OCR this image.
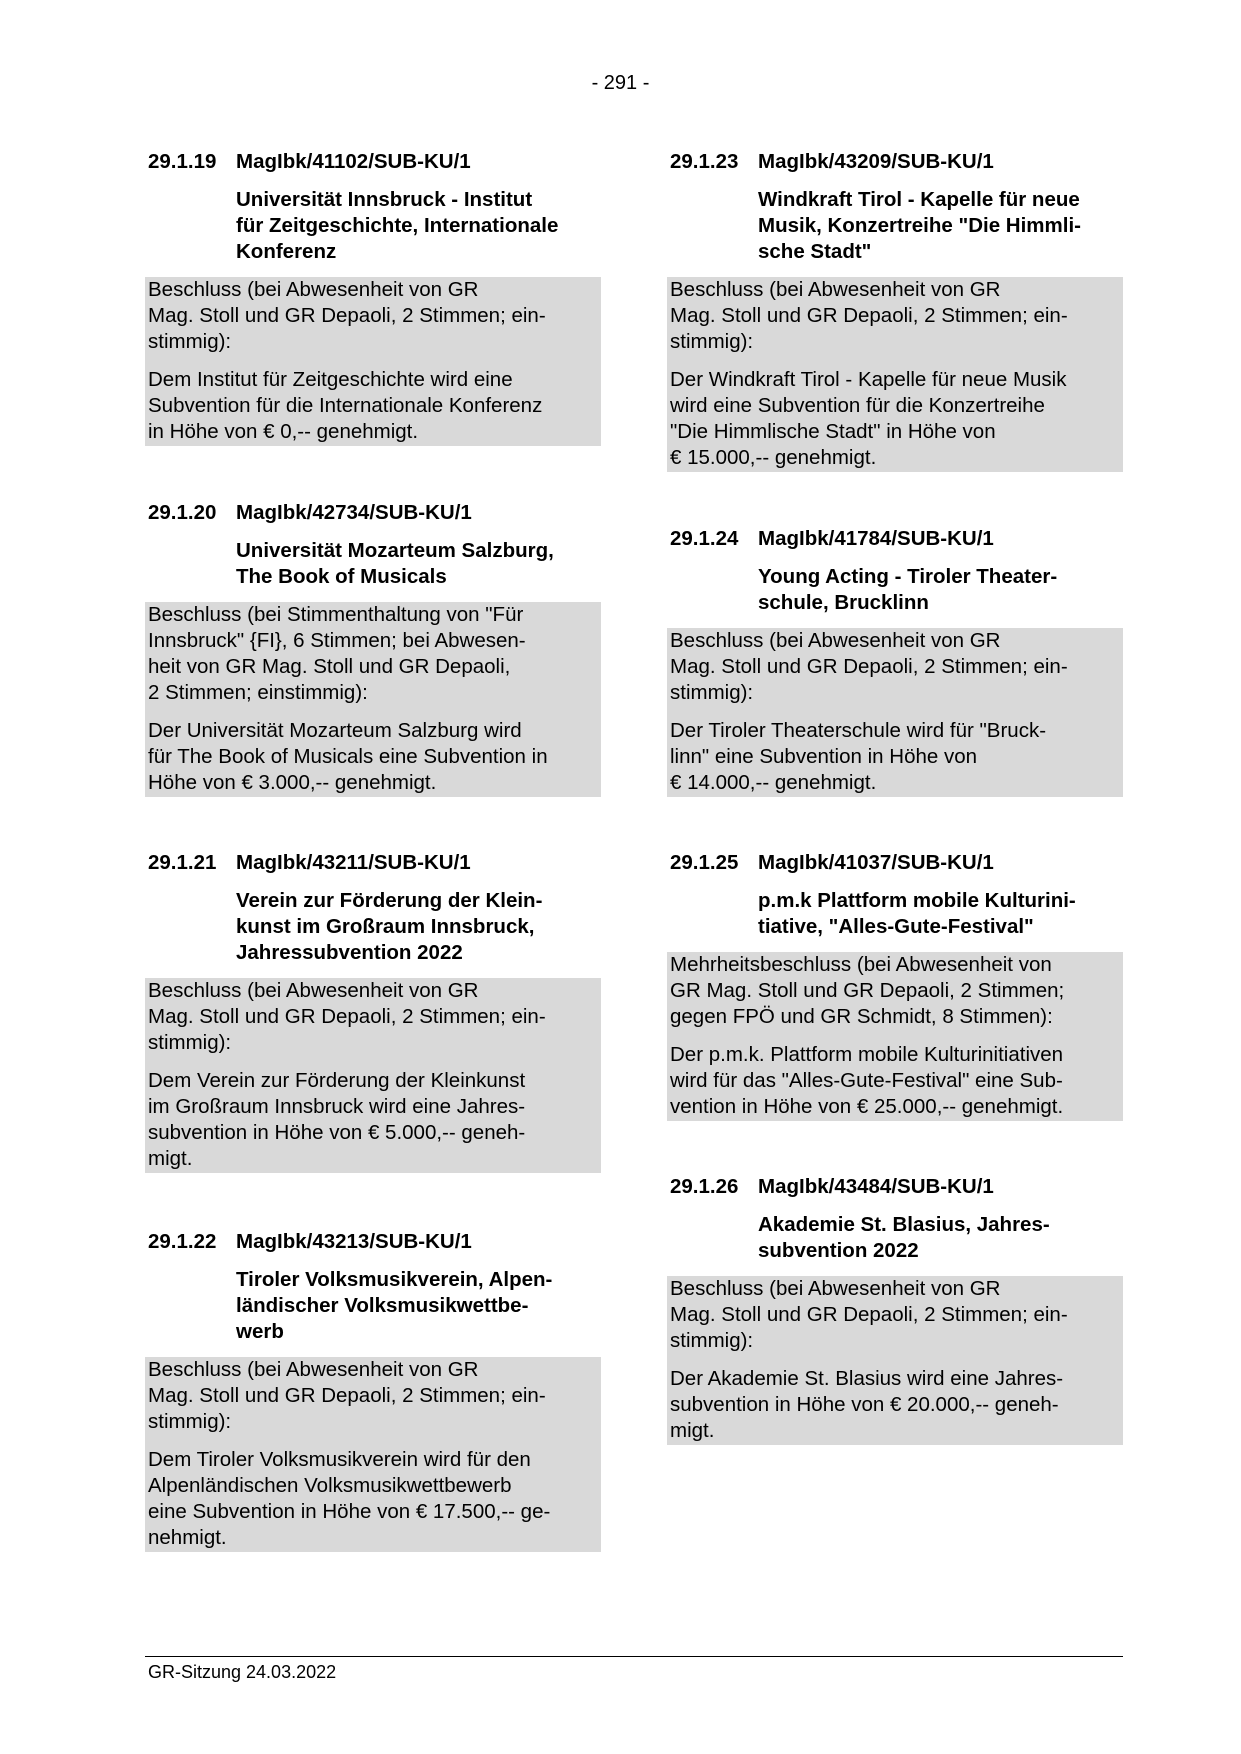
- 291 -
29.1.19 MagIbk/41102/SUB-KU/1
Universität Innsbruck - Institut
für Zeitgeschichte, Internationale
Konferenz
Beschluss (bei Abwesenheit von GR
Mag. Stoll und GR Depaoli, 2 Stimmen; ein-
stimmig):
Dem Institut für Zeitgeschichte wird eine
Subvention für die Internationale Konferenz
in Höhe von € 0,-- genehmigt.
29.1.20 MagIbk/42734/SUB-KU/1
Universität Mozarteum Salzburg,
The Book of Musicals
Beschluss (bei Stimmenthaltung von "Für
Innsbruck" {FI}, 6 Stimmen; bei Abwesen-
heit von GR Mag. Stoll und GR Depaoli,
2 Stimmen; einstimmig):
Der Universität Mozarteum Salzburg wird
für The Book of Musicals eine Subvention in
Höhe von € 3.000,-- genehmigt.
29.1.21 MagIbk/43211/SUB-KU/1
Verein zur Förderung der Klein-
kunst im Großraum Innsbruck,
Jahressubvention 2022
Beschluss (bei Abwesenheit von GR
Mag. Stoll und GR Depaoli, 2 Stimmen; ein-
stimmig):
Dem Verein zur Förderung der Kleinkunst
im Großraum Innsbruck wird eine Jahres-
subvention in Höhe von € 5.000,-- geneh-
migt.
29.1.22 MagIbk/43213/SUB-KU/1
Tiroler Volksmusikverein, Alpen-
ländischer Volksmusikwettbe-
werb
Beschluss (bei Abwesenheit von GR
Mag. Stoll und GR Depaoli, 2 Stimmen; ein-
stimmig):
Dem Tiroler Volksmusikverein wird für den
Alpenländischen Volksmusikwettbewerb
eine Subvention in Höhe von € 17.500,-- ge-
nehmigt.
29.1.23 MagIbk/43209/SUB-KU/1
Windkraft Tirol - Kapelle für neue
Musik, Konzertreihe "Die Himmli-
sche Stadt"
Beschluss (bei Abwesenheit von GR
Mag. Stoll und GR Depaoli, 2 Stimmen; ein-
stimmig):
Der Windkraft Tirol - Kapelle für neue Musik
wird eine Subvention für die Konzertreihe
"Die Himmlische Stadt" in Höhe von
€ 15.000,-- genehmigt.
29.1.24 MagIbk/41784/SUB-KU/1
Young Acting - Tiroler Theater-
schule, Brucklinn
Beschluss (bei Abwesenheit von GR
Mag. Stoll und GR Depaoli, 2 Stimmen; ein-
stimmig):
Der Tiroler Theaterschule wird für "Bruck-
linn" eine Subvention in Höhe von
€ 14.000,-- genehmigt.
29.1.25 MagIbk/41037/SUB-KU/1
p.m.k Plattform mobile Kulturini-
tiative, "Alles-Gute-Festival"
Mehrheitsbeschluss (bei Abwesenheit von
GR Mag. Stoll und GR Depaoli, 2 Stimmen;
gegen FPÖ und GR Schmidt, 8 Stimmen):
Der p.m.k. Plattform mobile Kulturinitiativen
wird für das "Alles-Gute-Festival" eine Sub-
vention in Höhe von € 25.000,-- genehmigt.
29.1.26 MagIbk/43484/SUB-KU/1
Akademie St. Blasius, Jahres-
subvention 2022
Beschluss (bei Abwesenheit von GR
Mag. Stoll und GR Depaoli, 2 Stimmen; ein-
stimmig):
Der Akademie St. Blasius wird eine Jahres-
subvention in Höhe von € 20.000,-- geneh-
migt.
GR-Sitzung 24.03.2022
